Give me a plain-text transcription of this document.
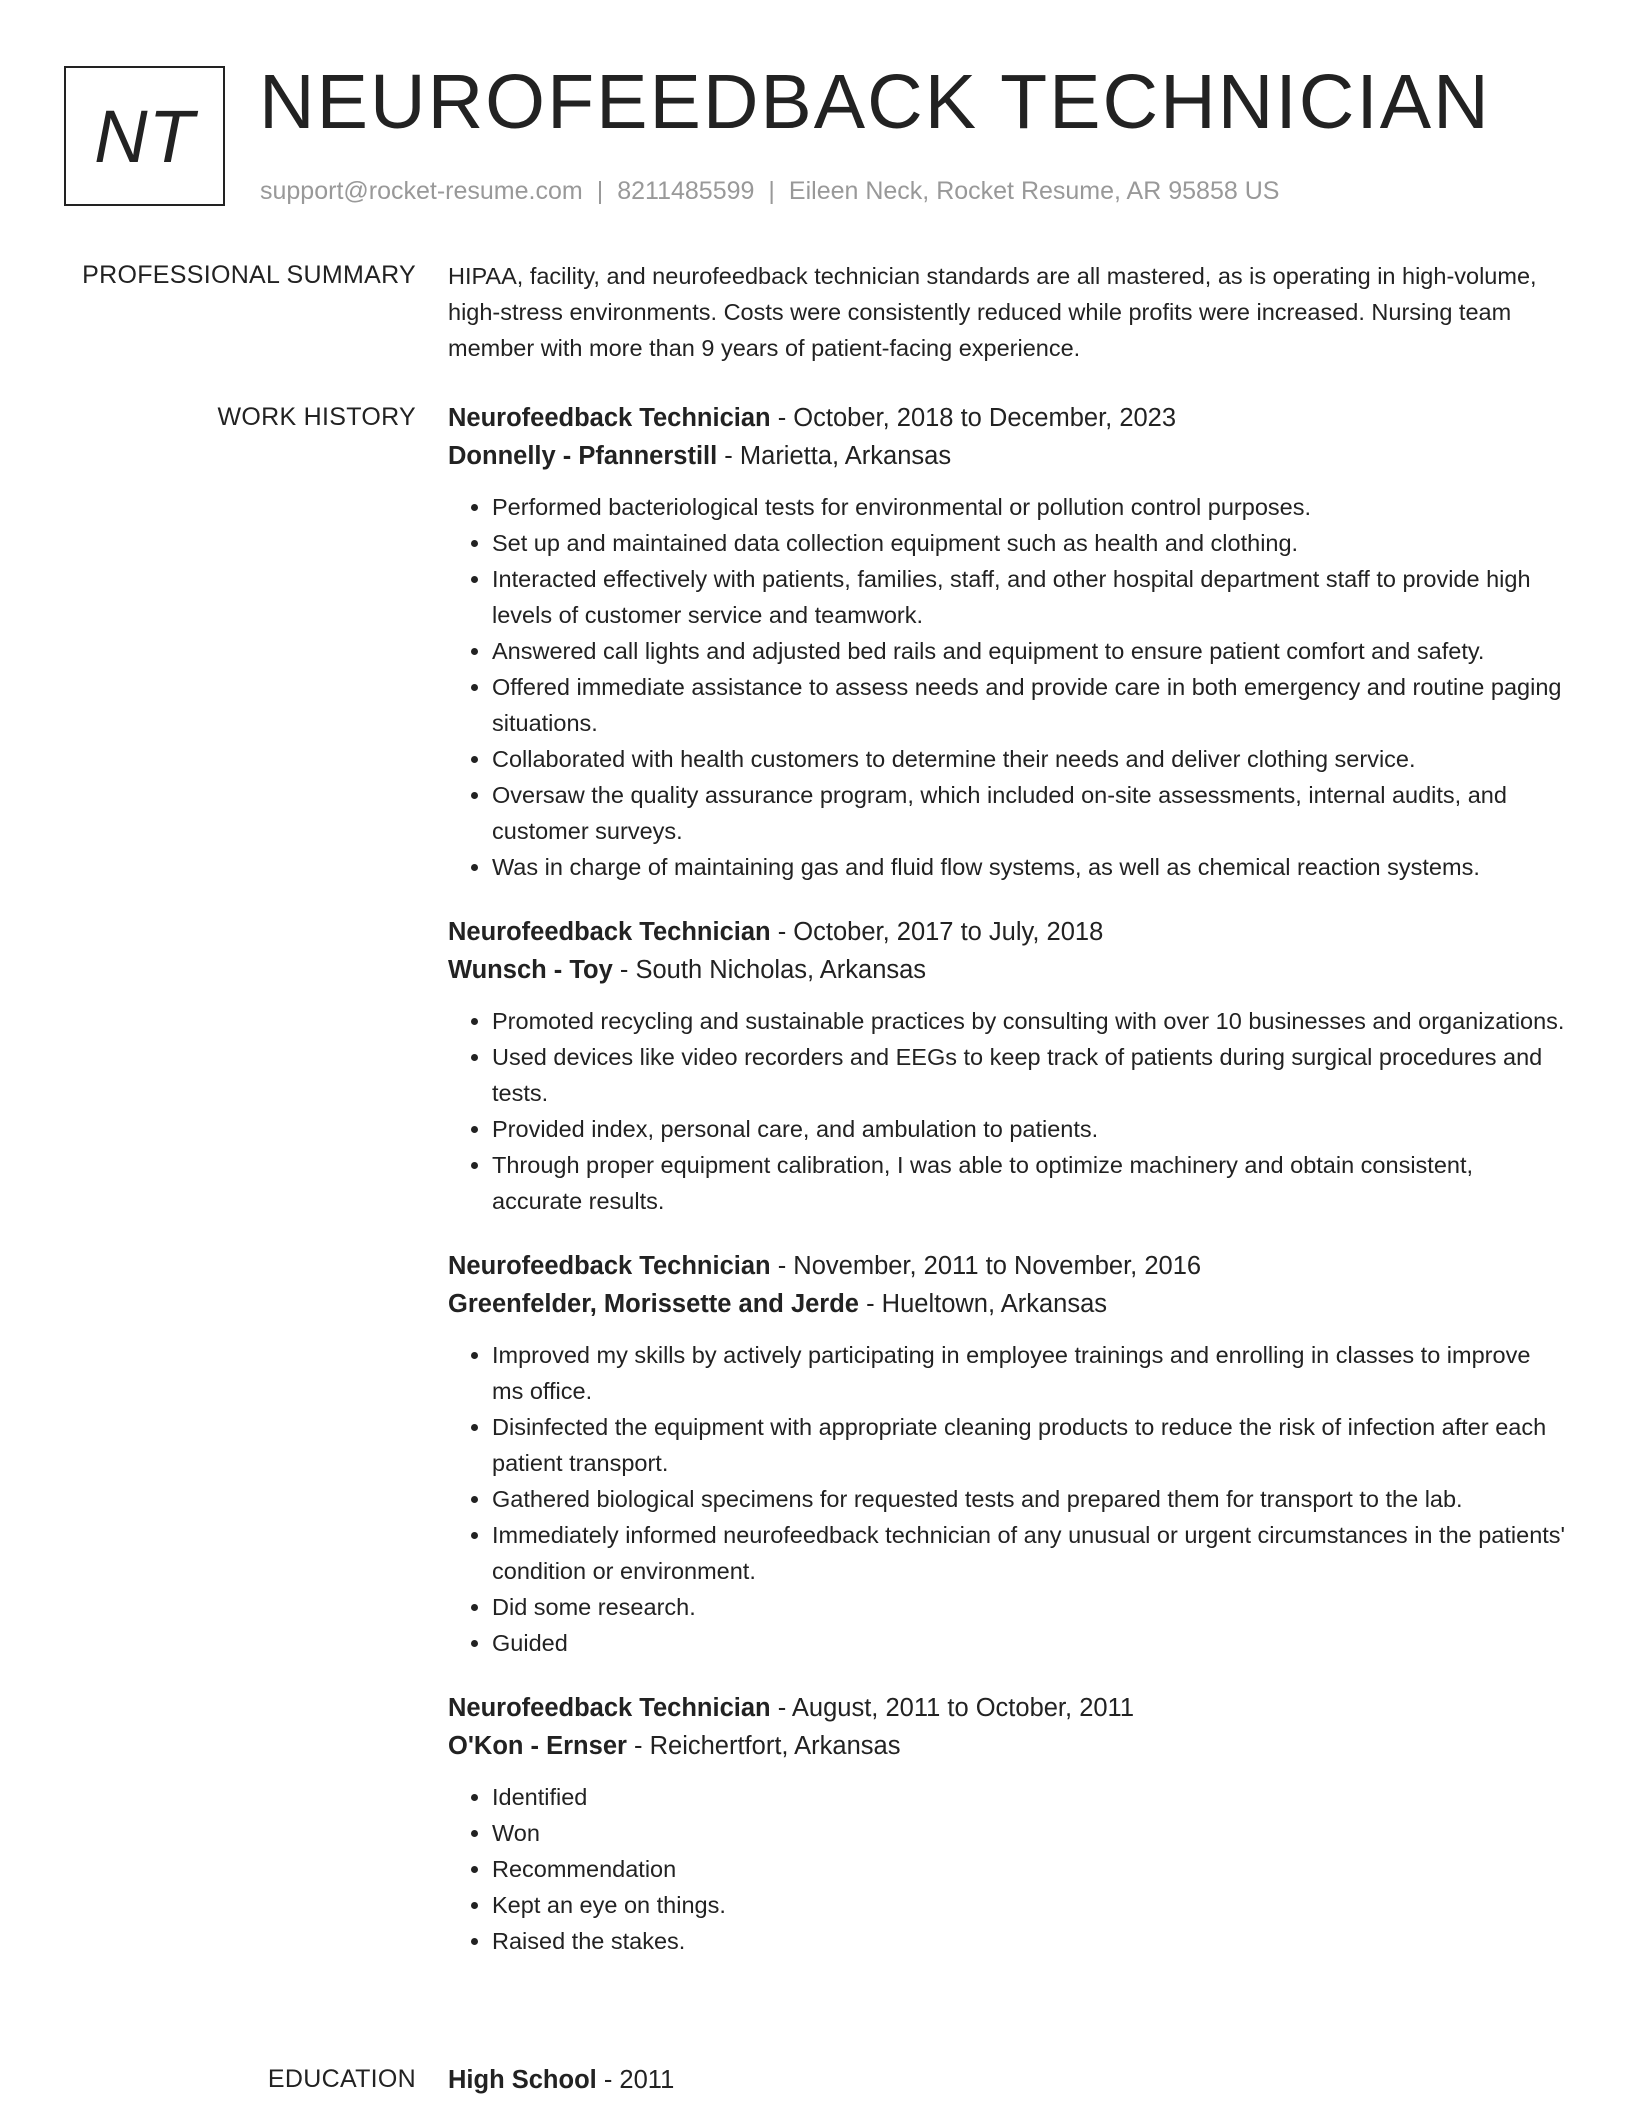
NT NEUROFEEDBACK TECHNICIAN
support@rocket-resume.com | 8211485599 | Eileen Neck, Rocket Resume, AR 95858 US
PROFESSIONAL SUMMARY HIPAA, facility, and neurofeedback technician standards are all mastered, as is operating in high-volume, high-stress environments. Costs were consistently reduced while profits were increased. Nursing team member with more than 9 years of patient-facing experience.

WORK HISTORY Neurofeedback Technician - October, 2018 to December, 2023
Donnelly - Pfannerstill - Marietta, Arkansas
• Performed bacteriological tests for environmental or pollution control purposes.
• Set up and maintained data collection equipment such as health and clothing.
• Interacted effectively with patients, families, staff, and other hospital department staff to provide high levels of customer service and teamwork.
• Answered call lights and adjusted bed rails and equipment to ensure patient comfort and safety.
• Offered immediate assistance to assess needs and provide care in both emergency and routine paging situations.
• Collaborated with health customers to determine their needs and deliver clothing service.
• Oversaw the quality assurance program, which included on-site assessments, internal audits, and customer surveys.
• Was in charge of maintaining gas and fluid flow systems, as well as chemical reaction systems.
Neurofeedback Technician - October, 2017 to July, 2018
Wunsch - Toy - South Nicholas, Arkansas
• Promoted recycling and sustainable practices by consulting with over 10 businesses and organizations.
• Used devices like video recorders and EEGs to keep track of patients during surgical procedures and tests.
• Provided index, personal care, and ambulation to patients.
• Through proper equipment calibration, I was able to optimize machinery and obtain consistent, accurate results.
Neurofeedback Technician - November, 2011 to November, 2016
Greenfelder, Morissette and Jerde - Hueltown, Arkansas
• Improved my skills by actively participating in employee trainings and enrolling in classes to improve ms office.
• Disinfected the equipment with appropriate cleaning products to reduce the risk of infection after each patient transport.
• Gathered biological specimens for requested tests and prepared them for transport to the lab.
• Immediately informed neurofeedback technician of any unusual or urgent circumstances in the patients' condition or environment.
• Did some research.
• Guided
Neurofeedback Technician - August, 2011 to October, 2011
O'Kon - Ernser - Reichertfort, Arkansas
• Identified
• Won
• Recommendation
• Kept an eye on things.
• Raised the stakes.
EDUCATION High School - 2011
